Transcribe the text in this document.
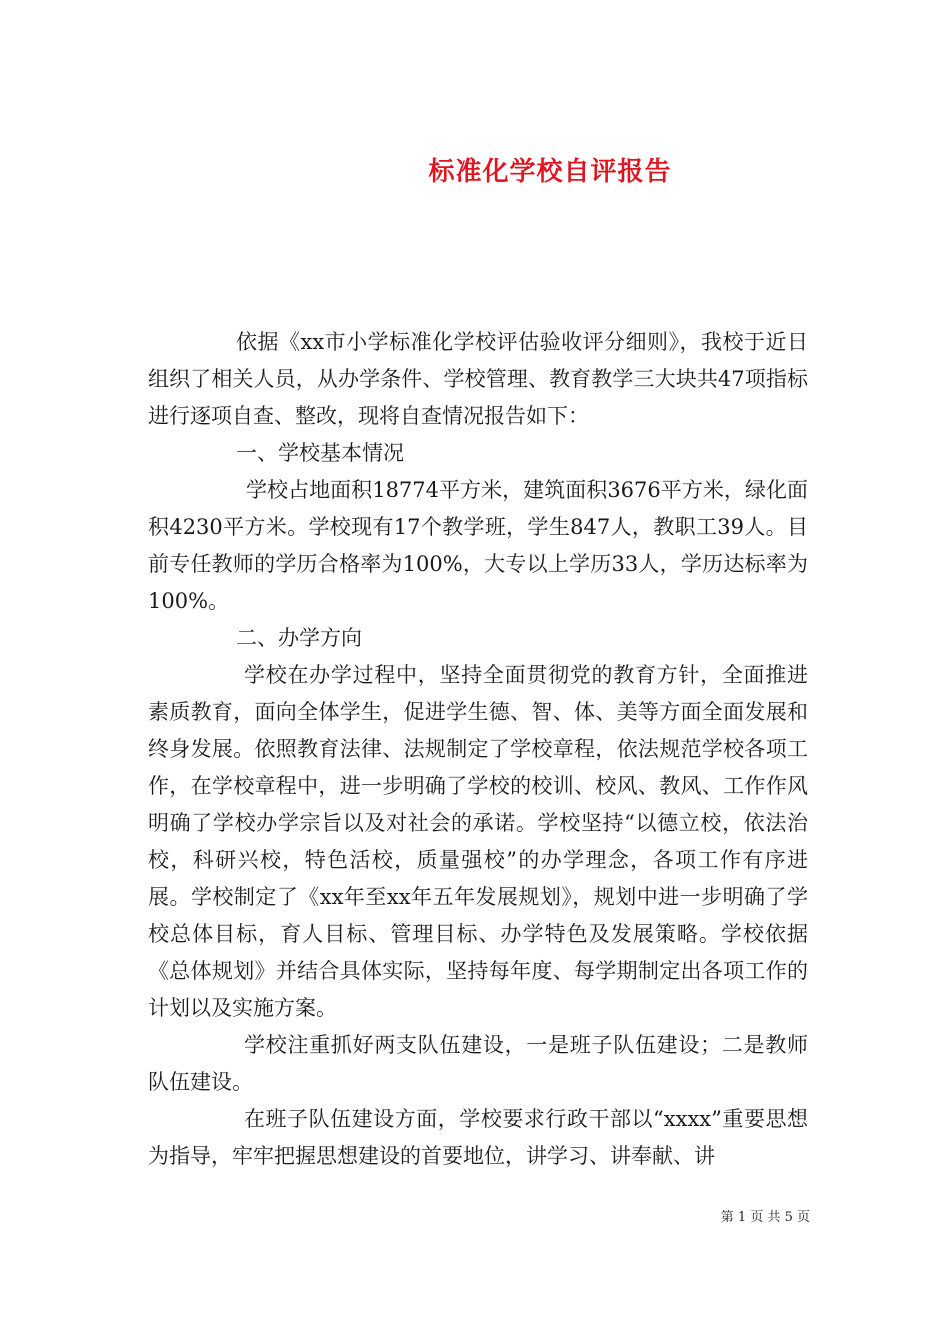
标准化学校自评报告

依据《xx市小学标准化学校评估验收评分细则》，我校于近日组织了相关人员，从办学条件、学校管理、教育教学三大块共47项指标进行逐项自查、整改，现将自查情况报告如下：

一、学校基本情况

学校占地面积18774平方米，建筑面积3676平方米，绿化面积4230平方米。学校现有17个教学班，学生847人，教职工39人。目前专任教师的学历合格率为100%，大专以上学历33人，学历达标率为100%。

二、办学方向

学校在办学过程中，坚持全面贯彻党的教育方针，全面推进素质教育，面向全体学生，促进学生德、智、体、美等方面全面发展和终身发展。依照教育法律、法规制定了学校章程，依法规范学校各项工作，在学校章程中，进一步明确了学校的校训、校风、教风、工作作风明确了学校办学宗旨以及对社会的承诺。学校坚持“以德立校，依法治校，科研兴校，特色活校，质量强校”的办学理念，各项工作有序进展。学校制定了《xx年至xx年五年发展规划》，规划中进一步明确了学校总体目标，育人目标、管理目标、办学特色及发展策略。学校依据《总体规划》并结合具体实际，坚持每年度、每学期制定出各项工作的计划以及实施方案。

学校注重抓好两支队伍建设，一是班子队伍建设；二是教师队伍建设。

在班子队伍建设方面，学校要求行政干部以“xxxx”重要思想为指导，牢牢把握思想建设的首要地位，讲学习、讲奉献、讲

第 1 页 共 5 页
